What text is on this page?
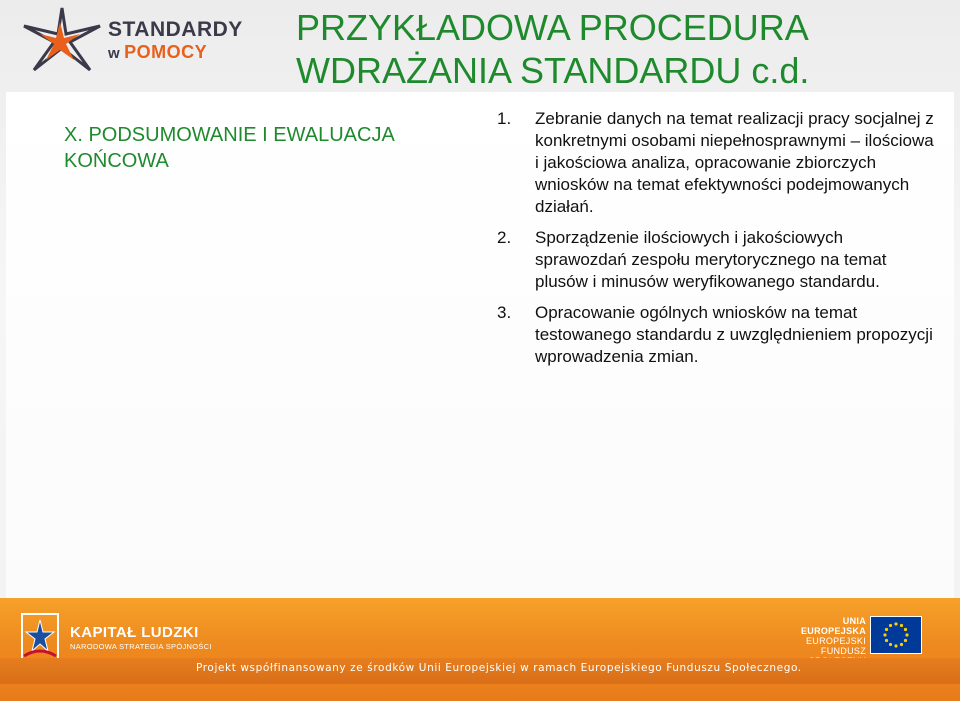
STANDARDY
w POMOCY
PRZYKŁADOWA PROCEDURA WDRAŻANIA STANDARDU c.d.
X. PODSUMOWANIE I EWALUACJA KOŃCOWA
1. Zebranie danych na temat realizacji pracy socjalnej z konkretnymi osobami niepełnosprawnymi – ilościowa i jakościowa analiza, opracowanie zbiorczych wniosków na temat efektywności podejmowanych działań.
2. Sporządzenie ilościowych i jakościowych sprawozdań zespołu merytorycznego na temat plusów i minusów weryfikowanego standardu.
3. Opracowanie ogólnych wniosków na temat testowanego standardu z uwzględnieniem propozycji wprowadzenia zmian.
KAPITAŁ LUDZKI
NARODOWA STRATEGIA SPÓJNOŚCI
UNIA EUROPEJSKA
EUROPEJSKI
FUNDUSZ
Projekt współfinansowany ze środków Unii Europejskiej w ramach Europejskiego Funduszu Społecznego.
